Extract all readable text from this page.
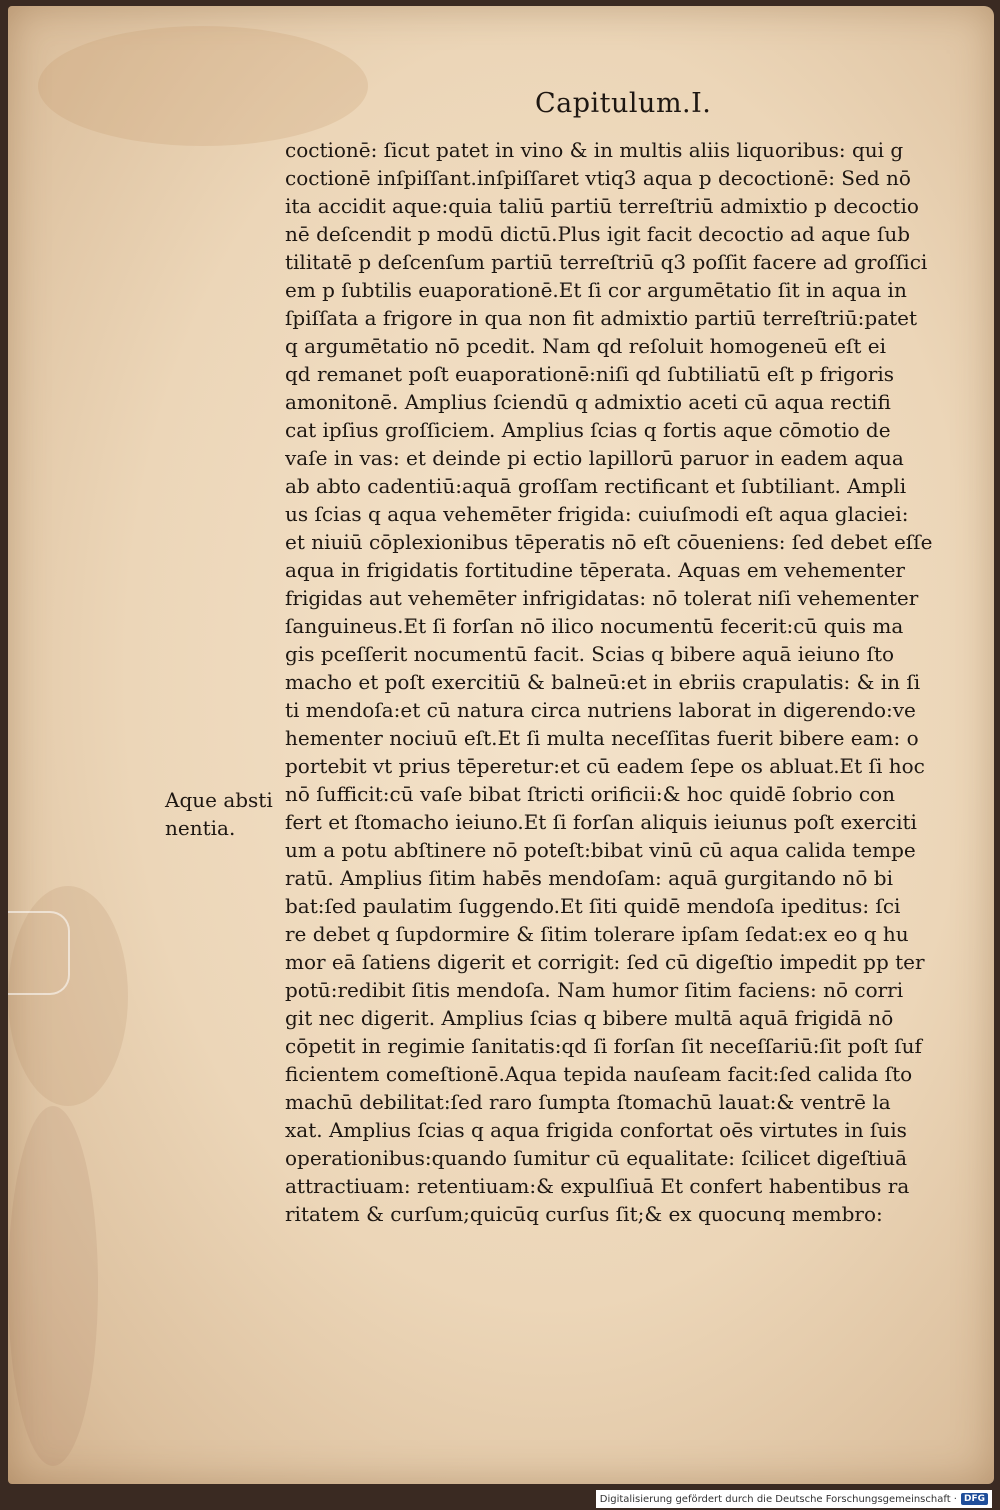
Capitulum.I.
Aque absti
nentia.
coctionē: ſicut patet in vino & in multis aliis liquoribus: qui g
coctionē inſpiſſant.inſpiſſaret vtiq3 aqua p decoctionē: Sed nō
ita accidit aque:quia taliū partiū terreſtriū admixtio p decoctio
nē deſcendit p modū dictū.Plus igit facit decoctio ad aque ſub
tilitatē p deſcenſum partiū terreſtriū q3 poſſit facere ad groſſici
em p ſubtilis euaporationē.Et ſi cor argumētatio ſit in aqua in
ſpiſſata a frigore in qua non fit admixtio partiū terreſtriū:patet
q argumētatio nō pcedit. Nam qd reſoluit homogeneū eſt ei
qd remanet poſt euaporationē:niſi qd ſubtiliatū eſt p frigoris
amonitonē. Amplius ſciendū q admixtio aceti cū aqua rectifi
cat ipſius groſſiciem. Amplius ſcias q fortis aque cōmotio de
vaſe in vas: et deinde pi ectio lapillorū paruor in eadem aqua
ab abto cadentiū:aquā groſſam rectificant et ſubtiliant. Ampli
us ſcias q aqua vehemēter frigida: cuiuſmodi eſt aqua glaciei:
et niuiū cōplexionibus tēperatis nō eſt cōueniens: ſed debet eſſe
aqua in frigidatis fortitudine tēperata. Aquas em vehementer
frigidas aut vehemēter infrigidatas: nō tolerat niſi vehementer
ſanguineus.Et ſi forſan nō ilico nocumentū fecerit:cū quis ma
gis pceſſerit nocumentū facit. Scias q bibere aquā ieiuno ſto
macho et poſt exercitiū & balneū:et in ebriis crapulatis: & in ſi
ti mendoſa:et cū natura circa nutriens laborat in digerendo:ve
hementer nociuū eſt.Et ſi multa neceſſitas fuerit bibere eam: o
portebit vt prius tēperetur:et cū eadem ſepe os abluat.Et ſi hoc
nō ſufficit:cū vaſe bibat ſtricti orificii:& hoc quidē ſobrio con
fert et ſtomacho ieiuno.Et ſi forſan aliquis ieiunus poſt exerciti
um a potu abſtinere nō poteſt:bibat vinū cū aqua calida tempe
ratū. Amplius ſitim habēs mendoſam: aquā gurgitando nō bi
bat:ſed paulatim ſuggendo.Et ſiti quidē mendoſa ipeditus: ſci
re debet q ſupdormire & ſitim tolerare ipſam ſedat:ex eo q hu
mor eā ſatiens digerit et corrigit: ſed cū digeſtio impedit pp ter
potū:redibit ſitis mendoſa. Nam humor ſitim faciens: nō corri
git nec digerit. Amplius ſcias q bibere multā aquā frigidā nō
cōpetit in regimie ſanitatis:qd ſi forſan ſit neceſſariū:ſit poſt ſuf
ficientem comeſtionē.Aqua tepida nauſeam facit:ſed calida ſto
machū debilitat:ſed raro ſumpta ſtomachū lauat:& ventrē la
xat. Amplius ſcias q aqua frigida confortat oēs virtutes in ſuis
operationibus:quando ſumitur cū equalitate: ſcilicet digeſtiuā
attractiuam: retentiuam:& expulſiuā Et confert habentibus ra
ritatem & curſum;quicūq curſus ſit;& ex quocunq membro:
Digitalisierung gefördert durch die Deutsche Forschungsgemeinschaft · DFG
